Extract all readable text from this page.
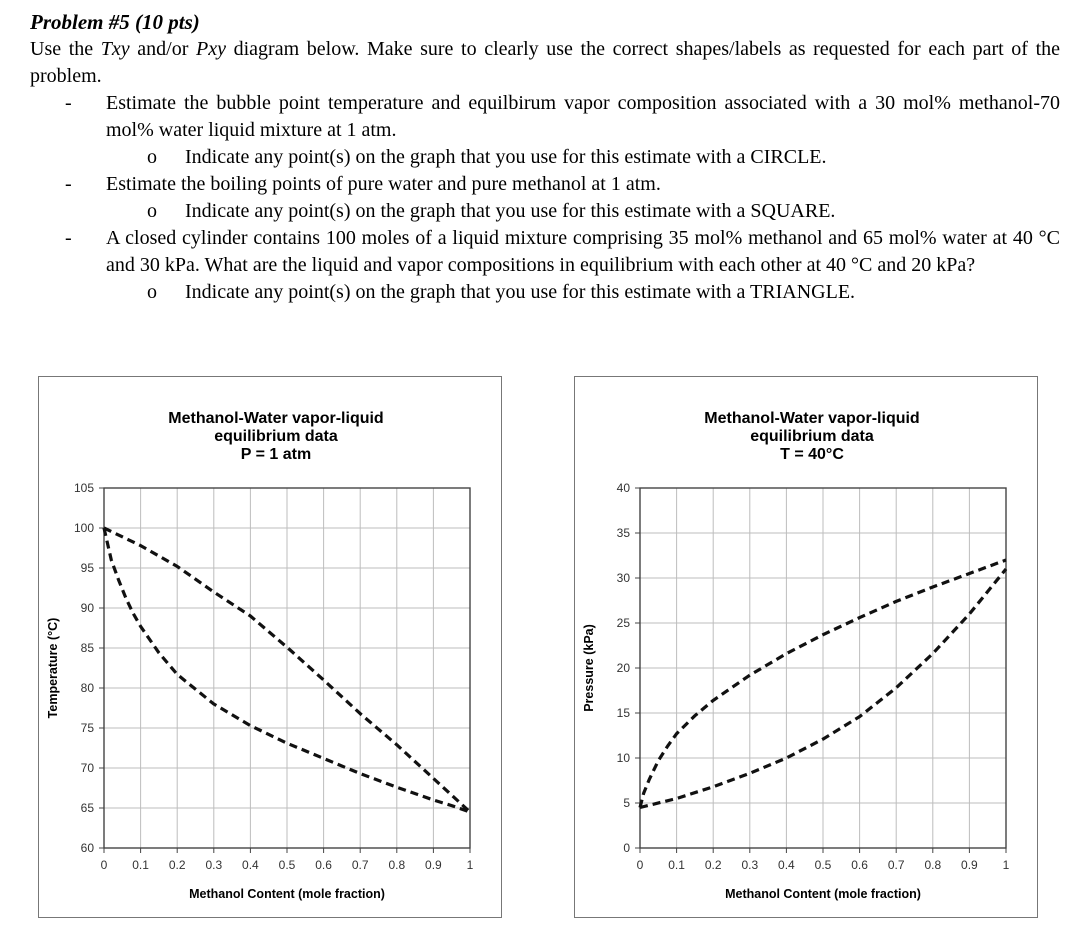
Problem #5 (10 pts)

Use the Txy and/or Pxy diagram below. Make sure to clearly use the correct shapes/labels as requested for each part of the problem.

- Estimate the bubble point temperature and equilbirum vapor composition associated with a 30 mol% methanol-70 mol% water liquid mixture at 1 atm.
o Indicate any point(s) on the graph that you use for this estimate with a CIRCLE.
- Estimate the boiling points of pure water and pure methanol at 1 atm.
o Indicate any point(s) on the graph that you use for this estimate with a SQUARE.
- A closed cylinder contains 100 moles of a liquid mixture comprising 35 mol% methanol and 65 mol% water at 40 °C and 30 kPa. What are the liquid and vapor compositions in equilibrium with each other at 40 °C and 20 kPa?
o Indicate any point(s) on the graph that you use for this estimate with a TRIANGLE.
Methanol-Water vapor-liquid
equilibrium data
P = 1 atm
0 0.1 0.2 0.3 0.4 0.5 0.6 0.7 0.8 0.9 1
60
65
70
75
80
85
90
95
100
105
Methanol Content (mole fraction)
Temperature (°C)
Methanol-Water vapor-liquid
equilibrium data
T = 40°C
0 0.1 0.2 0.3 0.4 0.5 0.6 0.7 0.8 0.9 1
0
5
10
15
20
25
30
35
40
Methanol Content (mole fraction)
Pressure (kPa)
